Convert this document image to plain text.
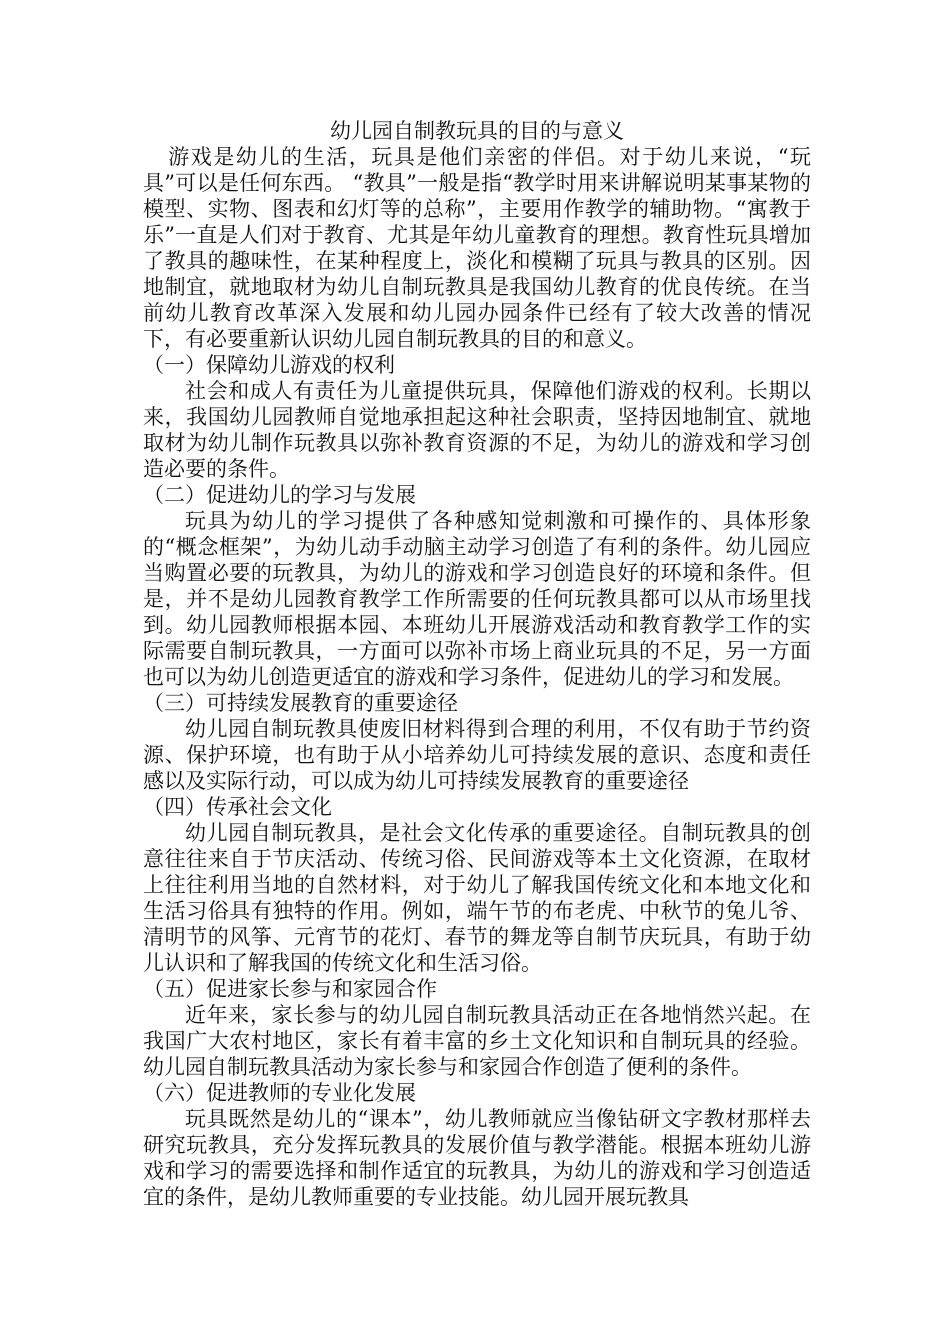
幼儿园自制教玩具的目的与意义

游戏是幼儿的生活，玩具是他们亲密的伴侣。对于幼儿来说，“玩具”可以是任何东西。 “教具”一般是指“教学时用来讲解说明某事某物的模型、实物、图表和幻灯等的总称”，主要用作教学的辅助物。“寓教于乐”一直是人们对于教育、尤其是年幼儿童教育的理想。教育性玩具增加了教具的趣味性，在某种程度上，淡化和模糊了玩具与教具的区别。因地制宜，就地取材为幼儿自制玩教具是我国幼儿教育的优良传统。在当前幼儿教育改革深入发展和幼儿园办园条件已经有了较大改善的情况下，有必要重新认识幼儿园自制玩教具的目的和意义。

（一）保障幼儿游戏的权利

社会和成人有责任为儿童提供玩具，保障他们游戏的权利。长期以来，我国幼儿园教师自觉地承担起这种社会职责，坚持因地制宜、就地取材为幼儿制作玩教具以弥补教育资源的不足，为幼儿的游戏和学习创造必要的条件。

（二）促进幼儿的学习与发展

玩具为幼儿的学习提供了各种感知觉刺激和可操作的、具体形象的“概念框架”，为幼儿动手动脑主动学习创造了有利的条件。幼儿园应当购置必要的玩教具，为幼儿的游戏和学习创造良好的环境和条件。但是，并不是幼儿园教育教学工作所需要的任何玩教具都可以从市场里找到。幼儿园教师根据本园、本班幼儿开展游戏活动和教育教学工作的实际需要自制玩教具，一方面可以弥补市场上商业玩具的不足，另一方面也可以为幼儿创造更适宜的游戏和学习条件，促进幼儿的学习和发展。

（三）可持续发展教育的重要途径

幼儿园自制玩教具使废旧材料得到合理的利用，不仅有助于节约资源、保护环境，也有助于从小培养幼儿可持续发展的意识、态度和责任感以及实际行动，可以成为幼儿可持续发展教育的重要途径

（四）传承社会文化

幼儿园自制玩教具，是社会文化传承的重要途径。自制玩教具的创意往往来自于节庆活动、传统习俗、民间游戏等本土文化资源，在取材上往往利用当地的自然材料，对于幼儿了解我国传统文化和本地文化和生活习俗具有独特的作用。例如，端午节的布老虎、中秋节的兔儿爷、清明节的风筝、元宵节的花灯、春节的舞龙等自制节庆玩具，有助于幼儿认识和了解我国的传统文化和生活习俗。

（五）促进家长参与和家园合作

近年来，家长参与的幼儿园自制玩教具活动正在各地悄然兴起。在我国广大农村地区，家长有着丰富的乡土文化知识和自制玩具的经验。幼儿园自制玩教具活动为家长参与和家园合作创造了便利的条件。

（六）促进教师的专业化发展

玩具既然是幼儿的“课本”，幼儿教师就应当像钻研文字教材那样去研究玩教具，充分发挥玩教具的发展价值与教学潜能。根据本班幼儿游戏和学习的需要选择和制作适宜的玩教具，为幼儿的游戏和学习创造适宜的条件，是幼儿教师重要的专业技能。幼儿园开展玩教具
